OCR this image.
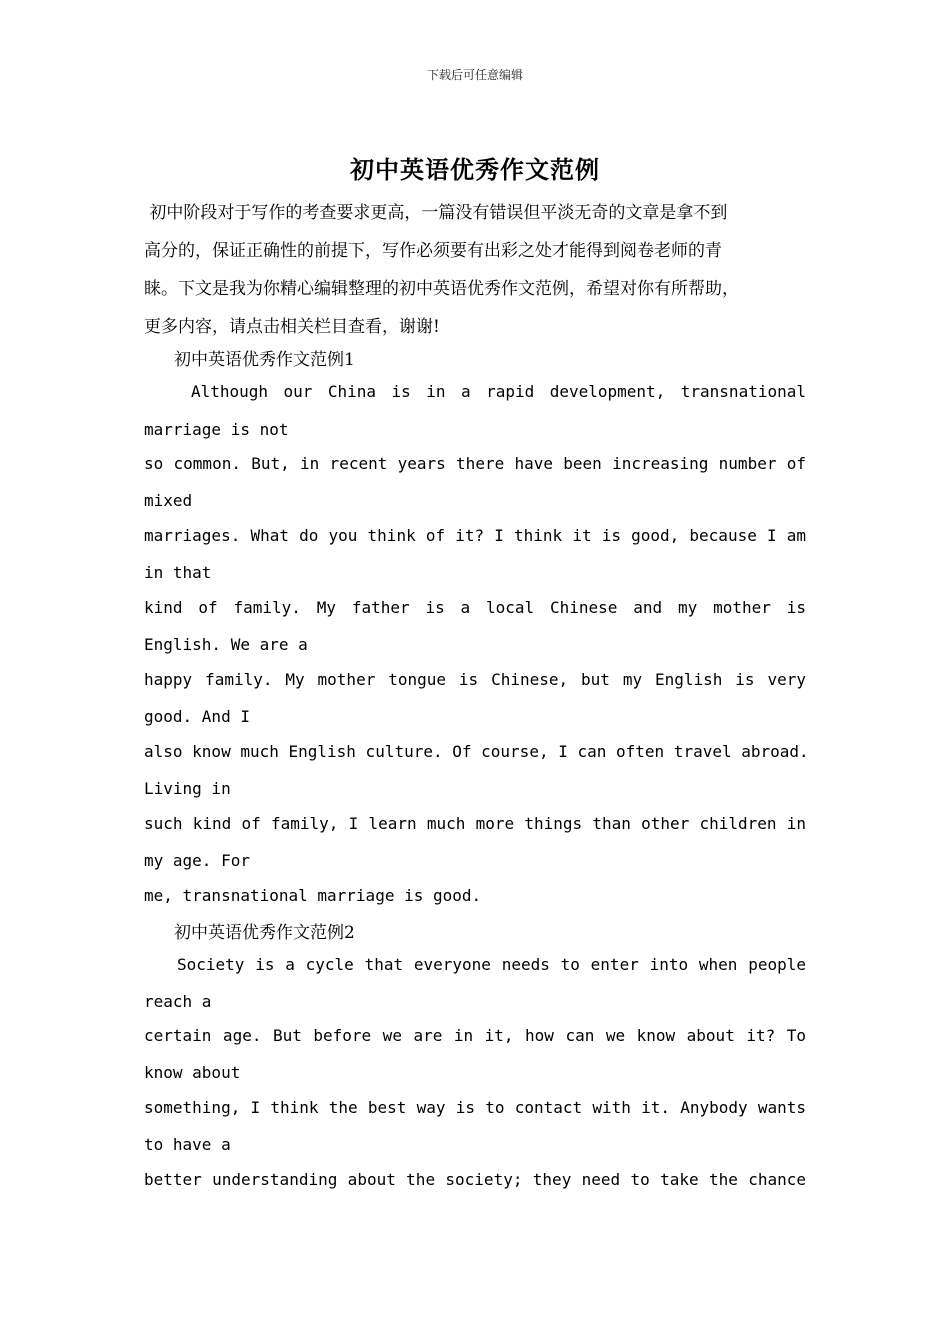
下载后可任意编辑
初中英语优秀作文范例
初中阶段对于写作的考查要求更高，一篇没有错误但平淡无奇的文章是拿不到
高分的，保证正确性的前提下，写作必须要有出彩之处才能得到阅卷老师的青
睐。下文是我为你精心编辑整理的初中英语优秀作文范例，希望对你有所帮助，
更多内容，请点击相关栏目查看，谢谢!
初中英语优秀作文范例1
Although our China is in a rapid development, transnational
marriage is not
so common. But, in recent years there have been increasing number of
mixed
marriages. What do you think of it? I think it is good, because I am
in that
kind of family. My father is a local Chinese and my mother is
English. We are a
happy family. My mother tongue is Chinese, but my English is very
good. And I
also know much English culture. Of course, I can often travel abroad.
Living in
such kind of family, I learn much more things than other children in
my age. For
me, transnational marriage is good.
初中英语优秀作文范例2
Society is a cycle that everyone needs to enter into when people
reach a
certain age. But before we are in it, how can we know about it? To
know about
something, I think the best way is to contact with it. Anybody wants
to have a
better understanding about the society; they need to take the chance
